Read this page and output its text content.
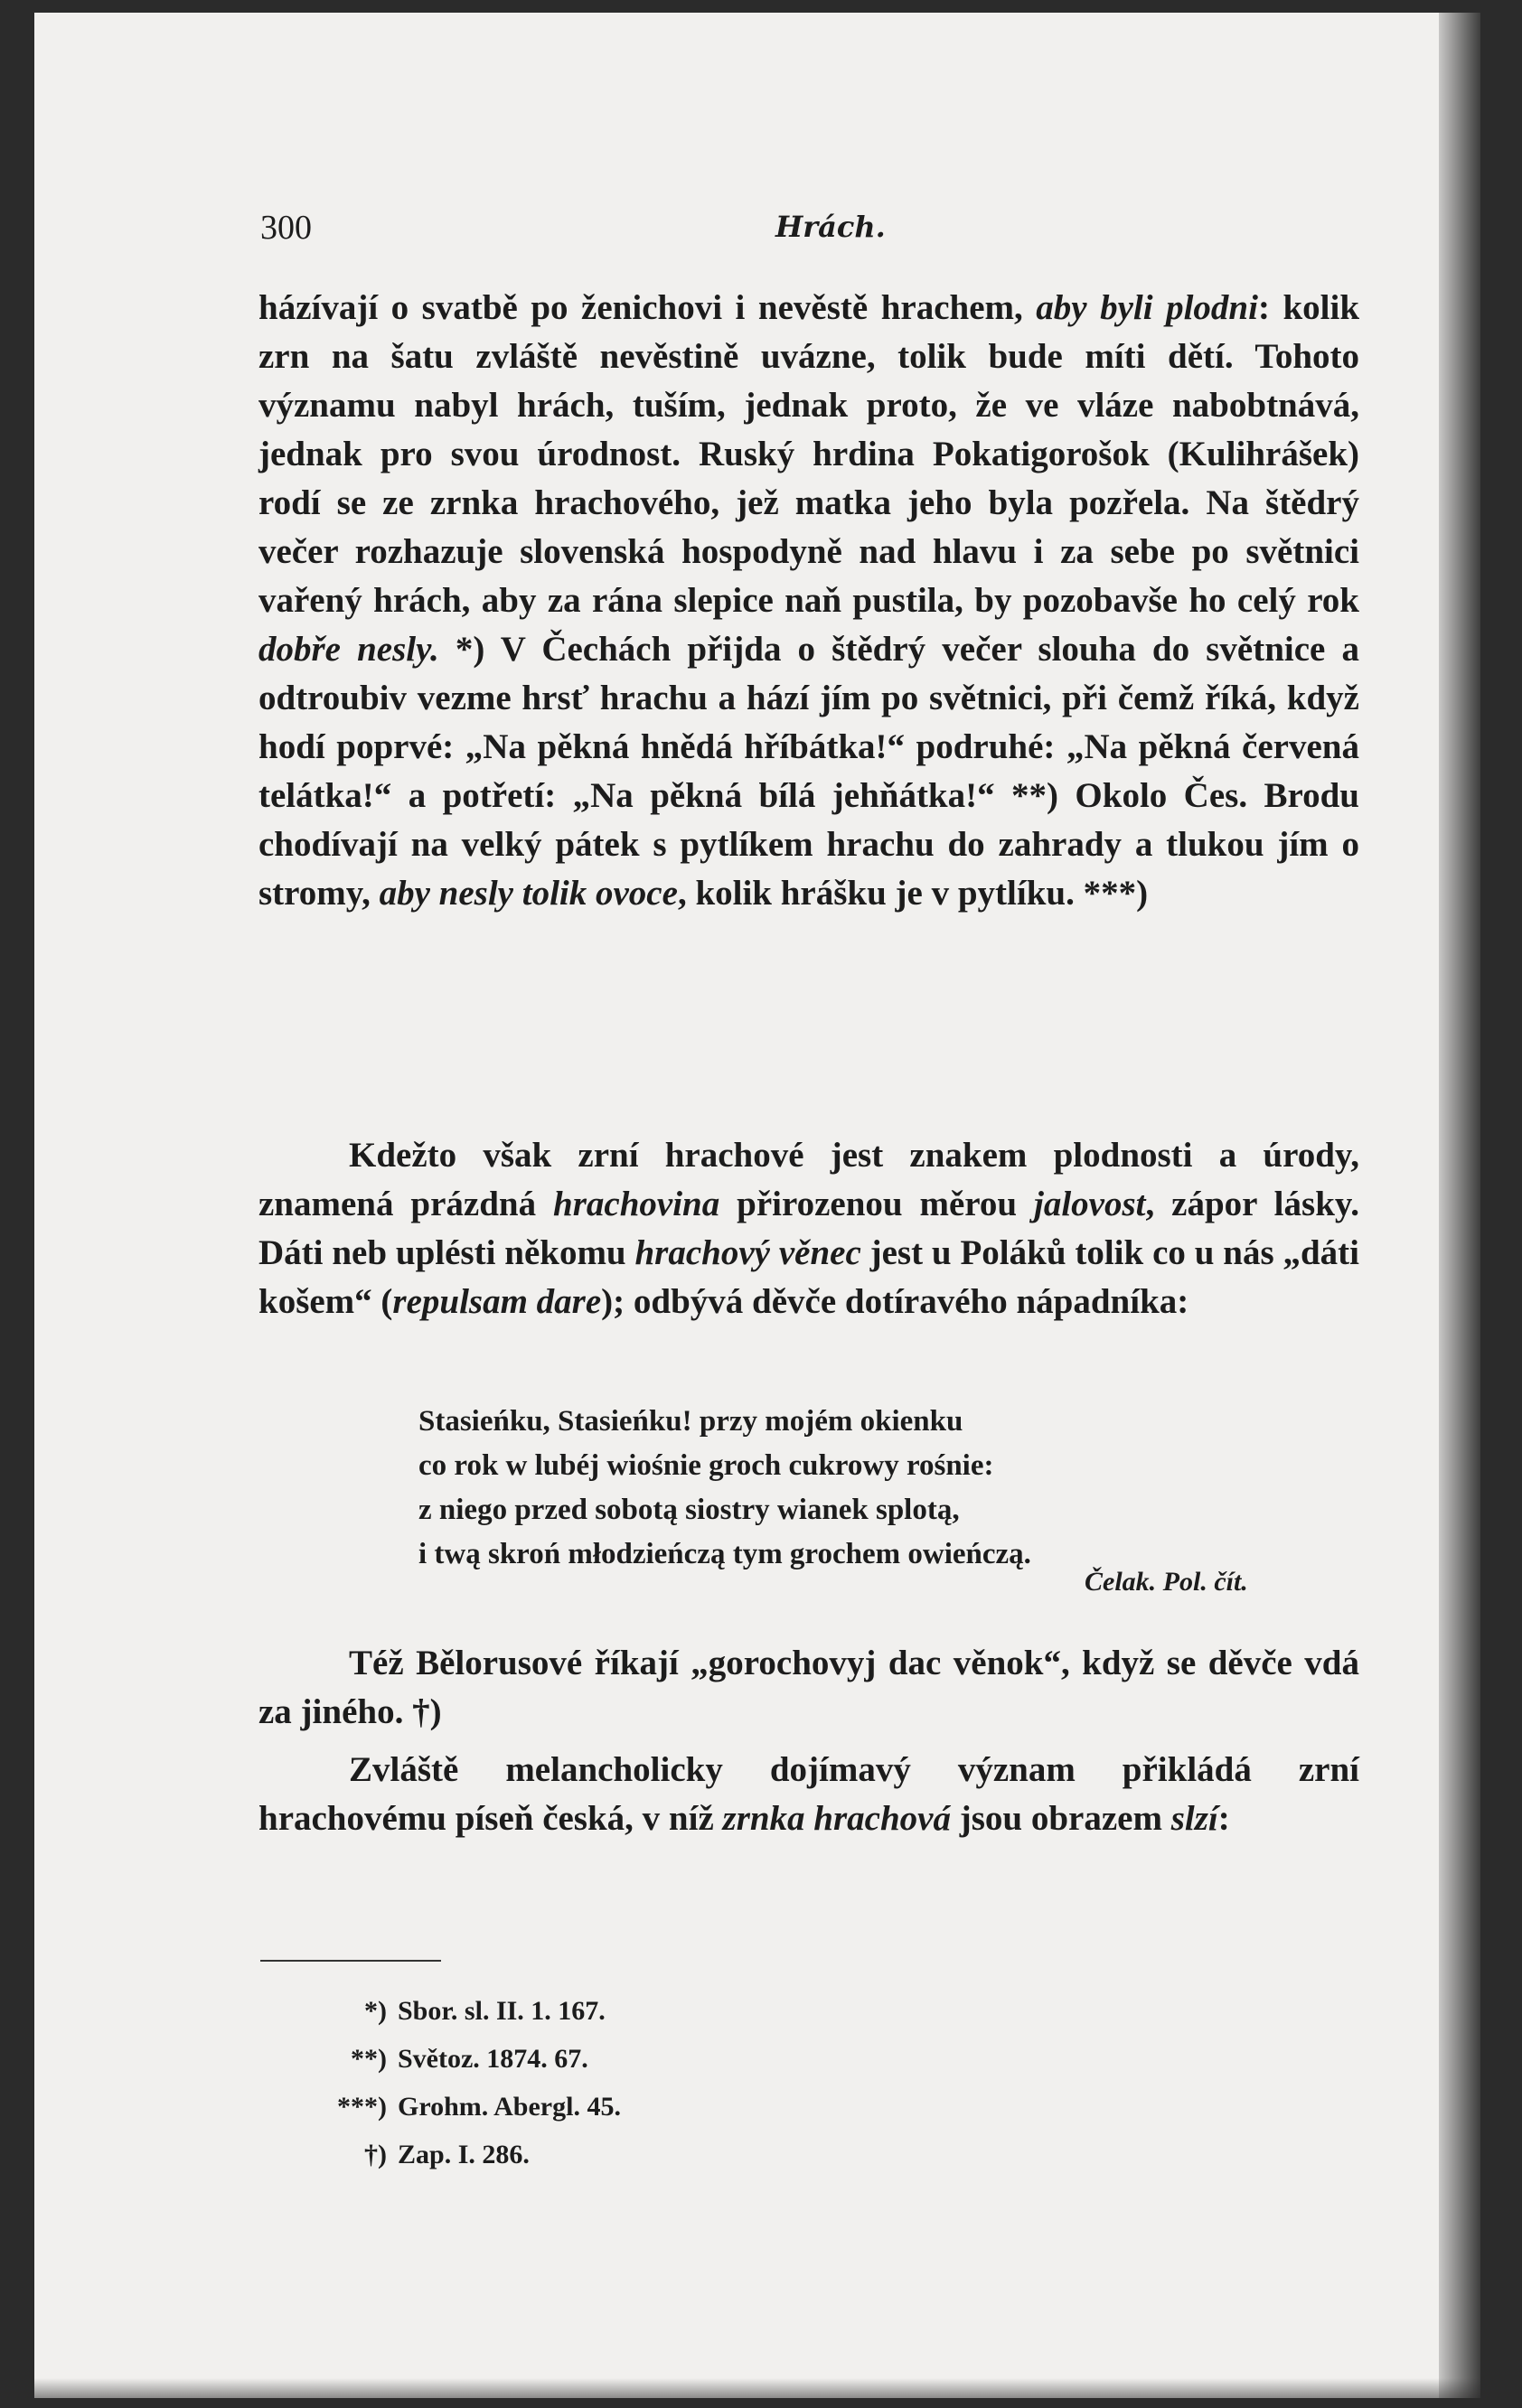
300	Hrách.

házívají o svatbě po ženichovi i nevěstě hrachem, aby byli plodni: kolik zrn na šatu zvláště nevěstině uvázne, tolik bude míti dětí. Tohoto významu nabyl hrách, tuším, jednak proto, že ve vláze nabobtnává, jednak pro svou úrodnost. Ruský hrdina Pokatigorošok (Kulihrášek) rodí se ze zrnka hrachového, jež matka jeho byla pozřela. Na štědrý večer rozhazuje slovenská hospodyně nad hlavu i za sebe po světnici vařený hrách, aby za rána slepice naň pustila, by pozobavše ho celý rok dobře nesly. *) V Čechách přijda o štědrý večer slouha do světnice a odtroubiv vezme hrsť hrachu a hází jím po světnici, při čemž říká, když hodí poprvé: „Na pěkná hnědá hříbátka!“ podruhé: „Na pěkná červená telátka!“ a potřetí: „Na pěkná bílá jehňátka!“ **) Okolo Čes. Brodu chodívají na velký pátek s pytlíkem hrachu do zahrady a tlukou jím o stromy, aby nesly tolik ovoce, kolik hrášku je v pytlíku. ***)

Kdežto však zrní hrachové jest znakem plodnosti a úrody, znamená prázdná hrachovina přirozenou měrou jalovost, zápor lásky. Dáti neb uplésti někomu hrachový věnec jest u Poláků tolik co u nás „dáti košem“ (repulsam dare); odbývá děvče dotíravého nápadníka:

Stasieńku, Stasieńku! przy mojém okienku
co rok w lubéj wiośnie groch cukrowy rośnie:
z niego przed sobotą siostry wianek splotą,
i twą skroń młodzieńczą tym grochem owieńczą.
Čelak. Pol. čít.

Též Bělorusové říkají „gorochovyj dac věnok“, když se děvče vdá za jiného. †)

Zvláště melancholicky dojímavý význam přikládá zrní hrachovému píseň česká, v níž zrnka hrachová jsou obrazem slzí:

*) Sbor. sl. II. 1. 167.
**) Světoz. 1874. 67.
***) Grohm. Abergl. 45.
†) Zap. I. 286.
